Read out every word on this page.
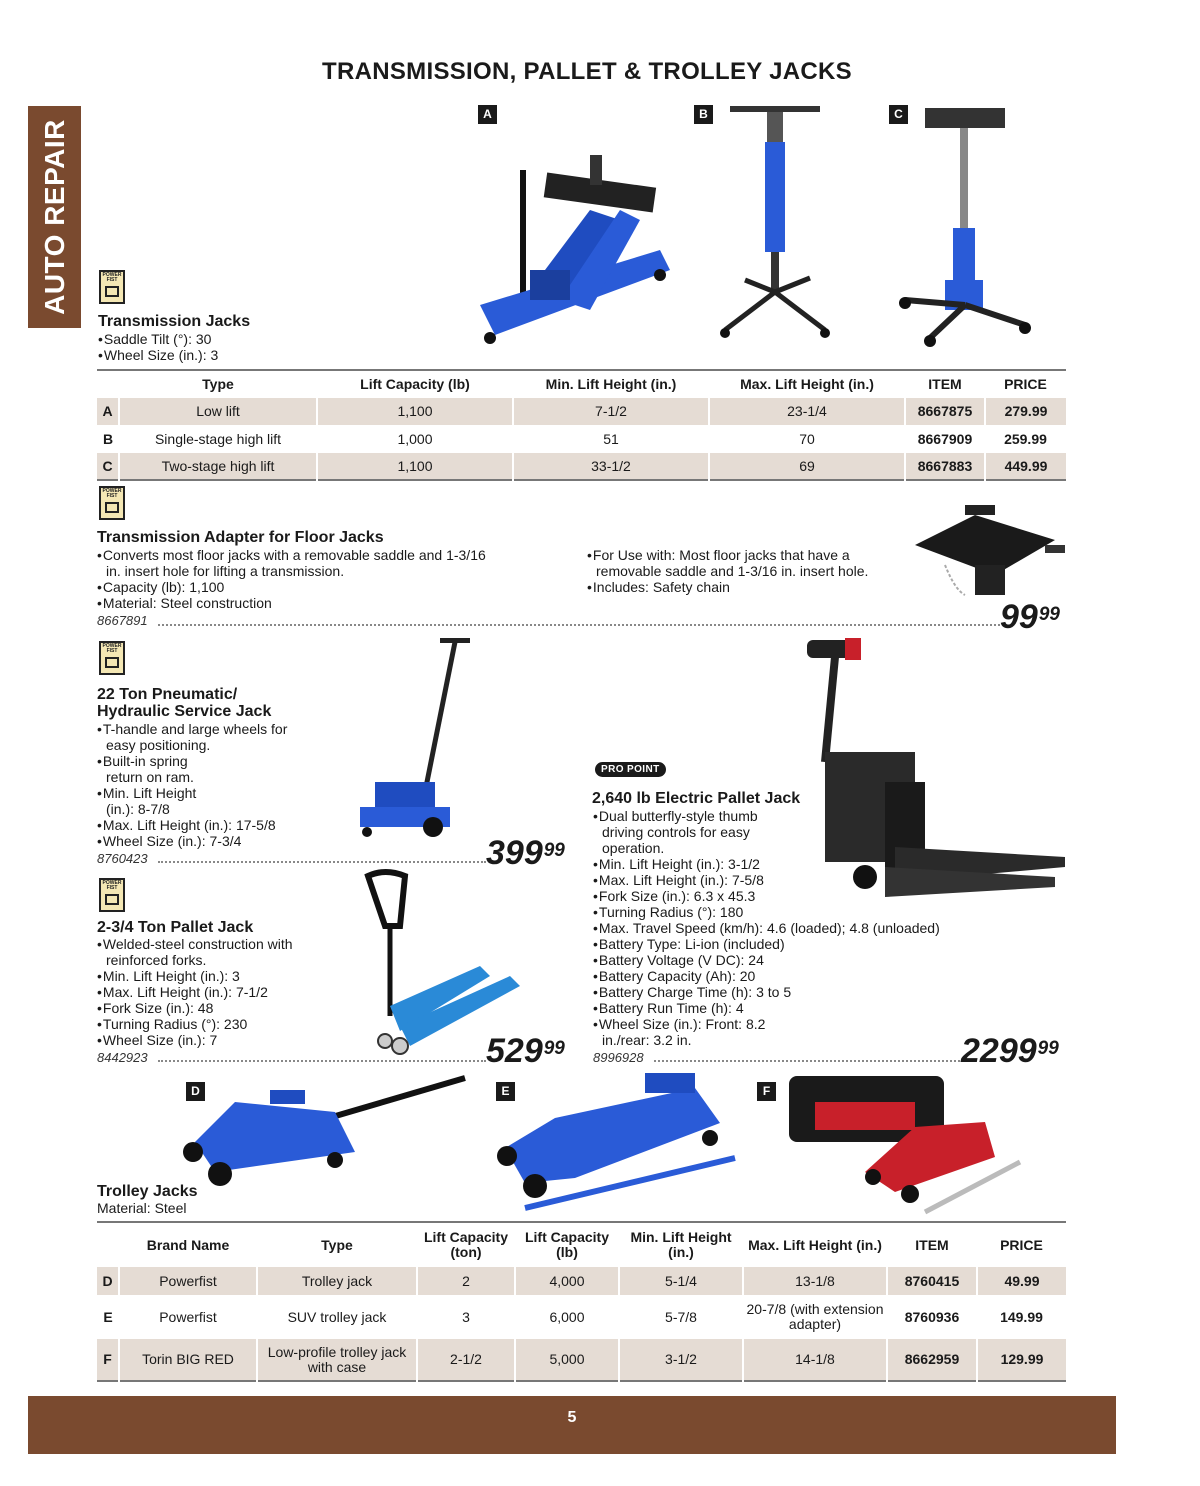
AUTO REPAIR
TRANSMISSION, PALLET & TROLLEY JACKS
A	B	C
POWER FIST
Transmission Jacks
• Saddle Tilt (°): 30
• Wheel Size (in.): 3
	Type	Lift Capacity (lb)	Min. Lift Height (in.)	Max. Lift Height (in.)	ITEM	PRICE
A	Low lift	1,100	7-1/2	23-1/4	8667875	279.99
B	Single-stage high lift	1,000	51	70	8667909	259.99
C	Two-stage high lift	1,100	33-1/2	69	8667883	449.99
POWER FIST
Transmission Adapter for Floor Jacks
• Converts most floor jacks with a removable saddle and 1-3/16 in. insert hole for lifting a transmission.
• Capacity (lb): 1,100
• Material: Steel construction
• For Use with: Most floor jacks that have a removable saddle and 1-3/16 in. insert hole.
• Includes: Safety chain
8667891	$99^{99}$
POWER FIST
22 Ton Pneumatic/
Hydraulic Service Jack
• T-handle and large wheels for easy positioning.
• Built-in spring return on ram.
• Min. Lift Height (in.): 8-7/8
• Max. Lift Height (in.): 17-5/8
• Wheel Size (in.): 7-3/4
8760423	$399^{99}$
POWER FIST
2-3/4 Ton Pallet Jack
• Welded-steel construction with reinforced forks.
• Min. Lift Height (in.): 3
• Max. Lift Height (in.): 7-1/2
• Fork Size (in.): 48
• Turning Radius (°): 230
• Wheel Size (in.): 7
8442923	$529^{99}$
PRO POINT
2,640 lb Electric Pallet Jack
• Dual butterfly-style thumb driving controls for easy operation.
• Min. Lift Height (in.): 3-1/2
• Max. Lift Height (in.): 7-5/8
• Fork Size (in.): 6.3 x 45.3
• Turning Radius (°): 180
• Max. Travel Speed (km/h): 4.6 (loaded); 4.8 (unloaded)
• Battery Type: Li-ion (included)
• Battery Voltage (V DC): 24
• Battery Capacity (Ah): 20
• Battery Charge Time (h): 3 to 5
• Battery Run Time (h): 4
• Wheel Size (in.): Front: 8.2 in./rear: 3.2 in.
8996928	2299$^{99}$
D	E	F
Trolley Jacks
Material: Steel
	Brand Name	Type	Lift Capacity (ton)	Lift Capacity (lb)	Min. Lift Height (in.)	Max. Lift Height (in.)	ITEM	PRICE
D	Powerfist	Trolley jack	2	4,000	5-1/4	13-1/8	8760415	49.99
E	Powerfist	SUV trolley jack	3	6,000	5-7/8	20-7/8 (with extension adapter)	8760936	149.99
F	Torin BIG RED	Low-profile trolley jack with case	2-1/2	5,000	3-1/2	14-1/8	8662959	129.99
5
